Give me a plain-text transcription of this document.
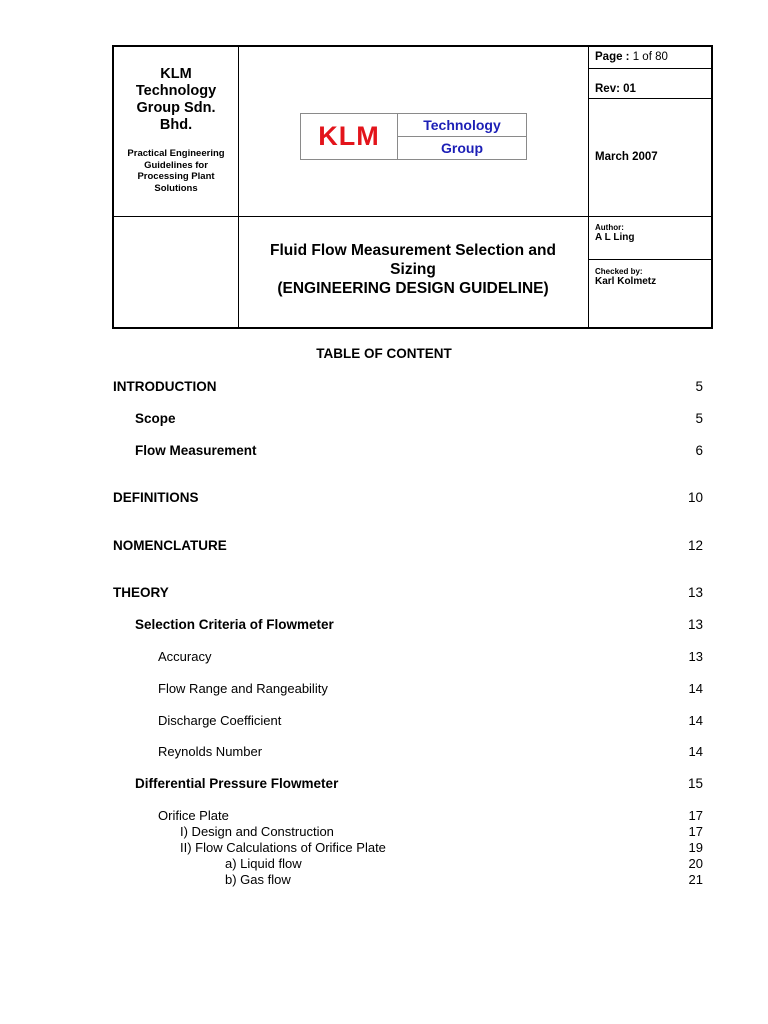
KLM
Technology
Group Sdn.
Bhd.
Practical Engineering
Guidelines for
Processing Plant
Solutions
KLM	Technology
Group
Page : 1 of 80
Rev: 01
March 2007
Author:
A L Ling
Checked by:
Karl Kolmetz
Fluid Flow Measurement Selection and
Sizing
(ENGINEERING DESIGN GUIDELINE)
TABLE OF CONTENT
INTRODUCTION	5
Scope	5
Flow Measurement	6
DEFINITIONS	10
NOMENCLATURE	12
THEORY	13
Selection Criteria of Flowmeter	13
Accuracy	13
Flow Range and Rangeability	14
Discharge Coefficient	14
Reynolds Number	14
Differential Pressure Flowmeter	15
Orifice Plate	17
I) Design and Construction	17
II) Flow Calculations of Orifice Plate	19
a) Liquid flow	20
b) Gas flow	21
